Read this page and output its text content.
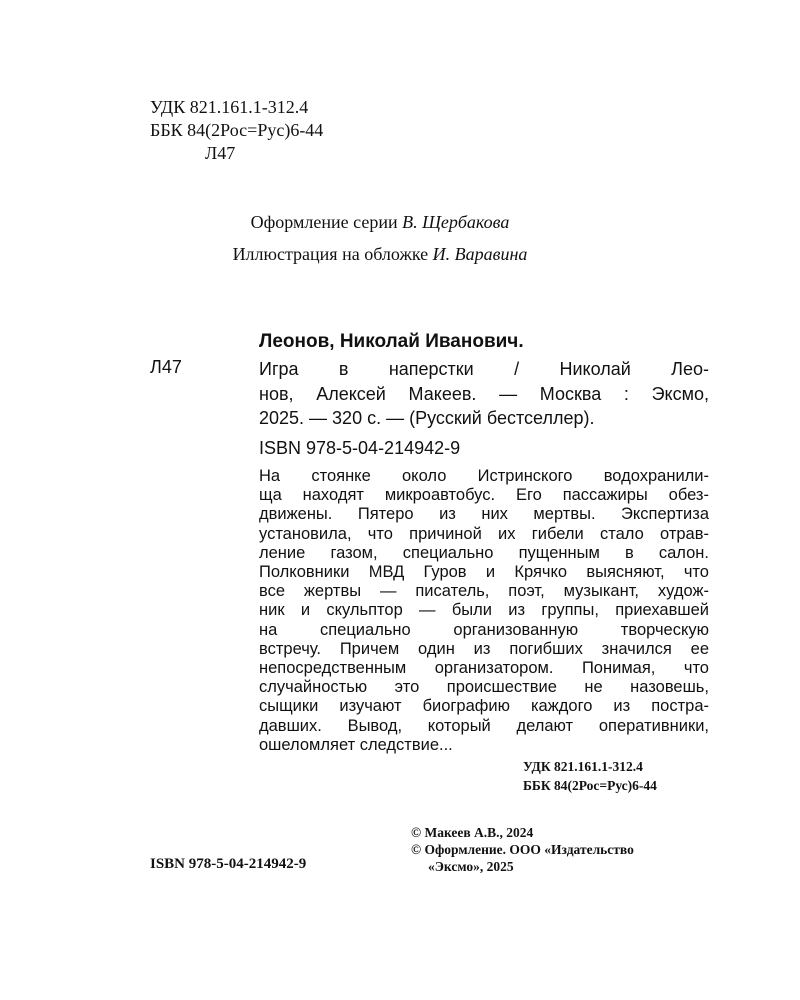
УДК 821.161.1-312.4
ББК 84(2Рос=Рус)6-44
Л47
Оформление серии В. Щербакова
Иллюстрация на обложке И. Варавина
Леонов, Николай Иванович.
Л47	Игра в наперстки / Николай Лео-
нов, Алексей Макеев. — Москва : Эксмо,
2025. — 320 с. — (Русский бестселлер).
ISBN 978-5-04-214942-9
На стоянке около Истринского водохранили-
ща находят микроавтобус. Его пассажиры обез-
движены. Пятеро из них мертвы. Экспертиза
установила, что причиной их гибели стало отрав-
ление газом, специально пущенным в салон.
Полковники МВД Гуров и Крячко выясняют, что
все жертвы — писатель, поэт, музыкант, худож-
ник и скульптор — были из группы, приехавшей
на специально организованную творческую
встречу. Причем один из погибших значился ее
непосредственным организатором. Понимая, что
случайностью это происшествие не назовешь,
сыщики изучают биографию каждого из постра-
давших. Вывод, который делают оперативники,
ошеломляет следствие...
УДК 821.161.1-312.4
ББК 84(2Рос=Рус)6-44
© Макеев А.В., 2024
© Оформление. ООО «Издательство
«Эксмо», 2025
ISBN 978-5-04-214942-9
